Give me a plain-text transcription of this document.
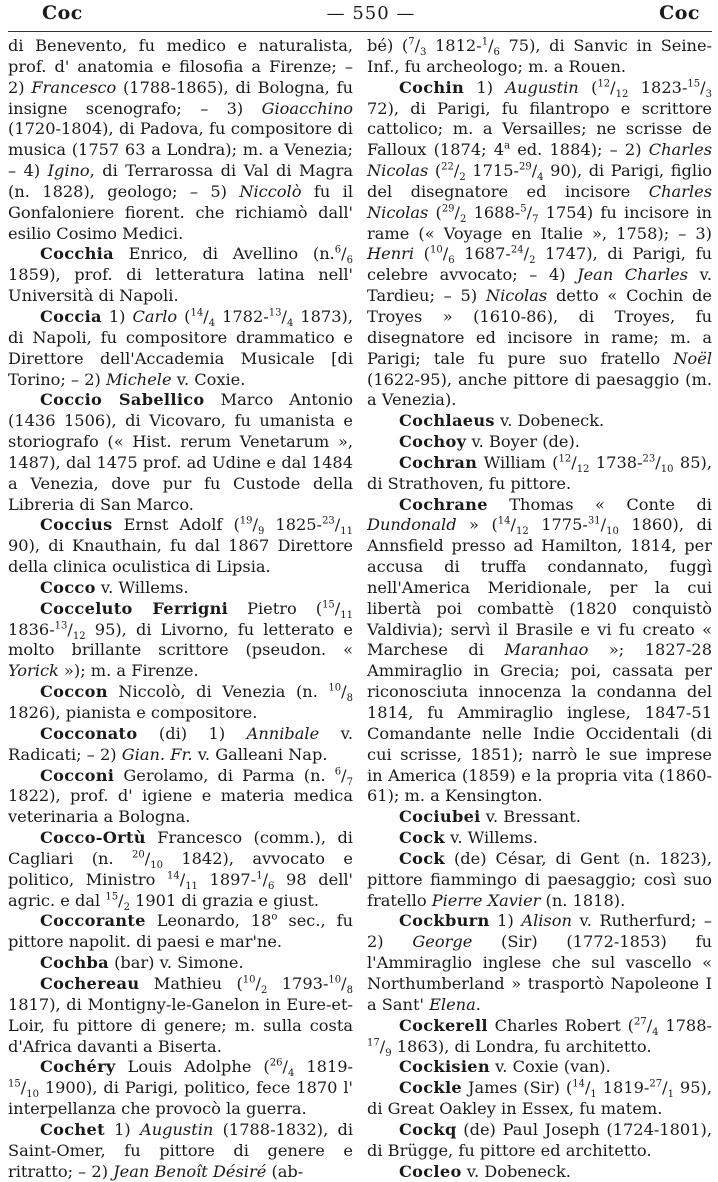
Coc	— 550 —	Coc

di Benevento, fu medico e naturalista, prof. d' anatomia e filosofia a Firenze; – 2) Francesco (1788-1865), di Bologna, fu insigne scenografo; – 3) Gioacchino (1720-1804), di Padova, fu compositore di musica (1757 63 a Londra); m. a Venezia; – 4) Igino, di Terrarossa di Val di Magra (n. 1828), geologo; – 5) Niccolò fu il Gonfaloniere fiorent. che richiamò dall' esilio Cosimo Medici.

Cocchia Enrico, di Avellino ($n.^6/_6$ 1859), prof. di letteratura latina nell' Università di Napoli.

Coccia 1) Carlo ($^{14}/_4$ $1782-^{13}/_4$ 1873), di Napoli, fu compositore drammatico e Direttore dell'Accademia Musicale [di Torino; – 2) Michele v. Coxie.

Coccio Sabellico Marco Antonio (1436 1506), di Vicovaro, fu umanista e storiografo (« Hist. rerum Venetarum », 1487), dal 1475 prof. ad Udine e dal 1484 a Venezia, dove pur fu Custode della Libreria di San Marco.

Coccius Ernst Adolf ($^{19}/_9$ $1825-^{23}/_{11}$ 90), di Knauthain, fu dal 1867 Direttore della clinica oculistica di Lipsia.

Cocco v. Willems.

Cocceluto Ferrigni Pietro ($^{15}/_{11}$ $1836-^{13}/_{12}$ 95), di Livorno, fu letterato e molto brillante scrittore (pseudon. « Yorick »); m. a Firenze.

Coccon Niccolò, di Venezia (n. $^{10}/_8$ 1826), pianista e compositore.

Cocconato (di) 1) Annibale v. Radicati; – 2) Gian. Fr. v. Galleani Nap.

Cocconi Gerolamo, di Parma (n. $^6/_7$ 1822), prof. d' igiene e materia medica veterinaria a Bologna.

Cocco-Ortù Francesco (comm.), di Cagliari (n. $^{20}/_{10}$ 1842), avvocato e politico, Ministro $^{14}/_{11}$ $1897-^1/_6$ 98 dell' agric. e dal $^{15}/_2$ 1901 di grazia e giust.

Coccorante Leonardo, 18$^o$ sec., fu pittore napolit. di paesi e mar'ne.

Cochba (bar) v. Simone.

Cochereau Mathieu ($^{10}/_2$ $1793-^{10}/_8$ 1817), di Montigny-le-Ganelon in Eure-et-Loir, fu pittore di genere; m. sulla costa d'Africa davanti a Biserta.

Cochéry Louis Adolphe ($^{26}/_4$ $1819-^{15}/_{10}$ 1900), di Parigi, politico, fece 1870 l' interpellanza che provocò la guerra.

Cochet 1) Augustin (1788-1832), di Saint-Omer, fu pittore di genere e ritratto; – 2) Jean Benoît Désiré (ab-

bé) ($^7/_3$ $1812-^1/_6$ 75), di Sanvic in Seine-Inf., fu archeologo; m. a Rouen.

Cochin 1) Augustin ($^{12}/_{12}$ $1823-^{15}/_3$ 72), di Parigi, fu filantropo e scrittore cattolico; m. a Versailles; ne scrisse de Falloux (1874; 4$^a$ ed. 1884); – 2) Charles Nicolas ($^{22}/_2$ $1715-^{29}/_4$ 90), di Parigi, figlio del disegnatore ed incisore Charles Nicolas ($^{29}/_2$ $1688-^5/_7$ 1754) fu incisore in rame (« Voyage en Italie », 1758); – 3) Henri ($^{10}/_6$ $1687-^{24}/_2$ 1747), di Parigi, fu celebre avvocato; – 4) Jean Charles v. Tardieu; – 5) Nicolas detto « Cochin de Troyes » (1610-86), di Troyes, fu disegnatore ed incisore in rame; m. a Parigi; tale fu pure suo fratello Noël (1622-95), anche pittore di paesaggio (m. a Venezia).

Cochlaeus v. Dobeneck.

Cochoy v. Boyer (de).

Cochran William ($^{12}/_{12}$ $1738-^{23}/_{10}$ 85), di Strathoven, fu pittore.

Cochrane Thomas « Conte di Dundonald » ($^{14}/_{12}$ $1775-^{31}/_{10}$ 1860), di Annsfield presso ad Hamilton, 1814, per accusa di truffa condannato, fuggì nell'America Meridionale, per la cui libertà poi combattè (1820 conquistò Valdivia); servì il Brasile e vi fu creato « Marchese di Maranhao »; 1827-28 Ammiraglio in Grecia; poi, cassata per riconosciuta innocenza la condanna del 1814, fu Ammiraglio inglese, 1847-51 Comandante nelle Indie Occidentali (di cui scrisse, 1851); narrò le sue imprese in America (1859) e la propria vita (1860-61); m. a Kensington.

Cociubei v. Bressant.

Cock v. Willems.

Cock (de) César, di Gent (n. 1823), pittore fiammingo di paesaggio; così suo fratello Pierre Xavier (n. 1818).

Cockburn 1) Alison v. Rutherfurd; – 2) George (Sir) (1772-1853) fu l'Ammiraglio inglese che sul vascello « Northumberland » trasportò Napoleone I a Sant' Elena.

Cockerell Charles Robert ($^{27}/_4$ $1788-^{17}/_9$ 1863), di Londra, fu architetto.

Cockisien v. Coxie (van).

Cockle James (Sir) ($^{14}/_1$ $1819-^{27}/_1$ 95), di Great Oakley in Essex, fu matem.

Cockq (de) Paul Joseph (1724-1801), di Brügge, fu pittore ed architetto.

Cocleo v. Dobeneck.
